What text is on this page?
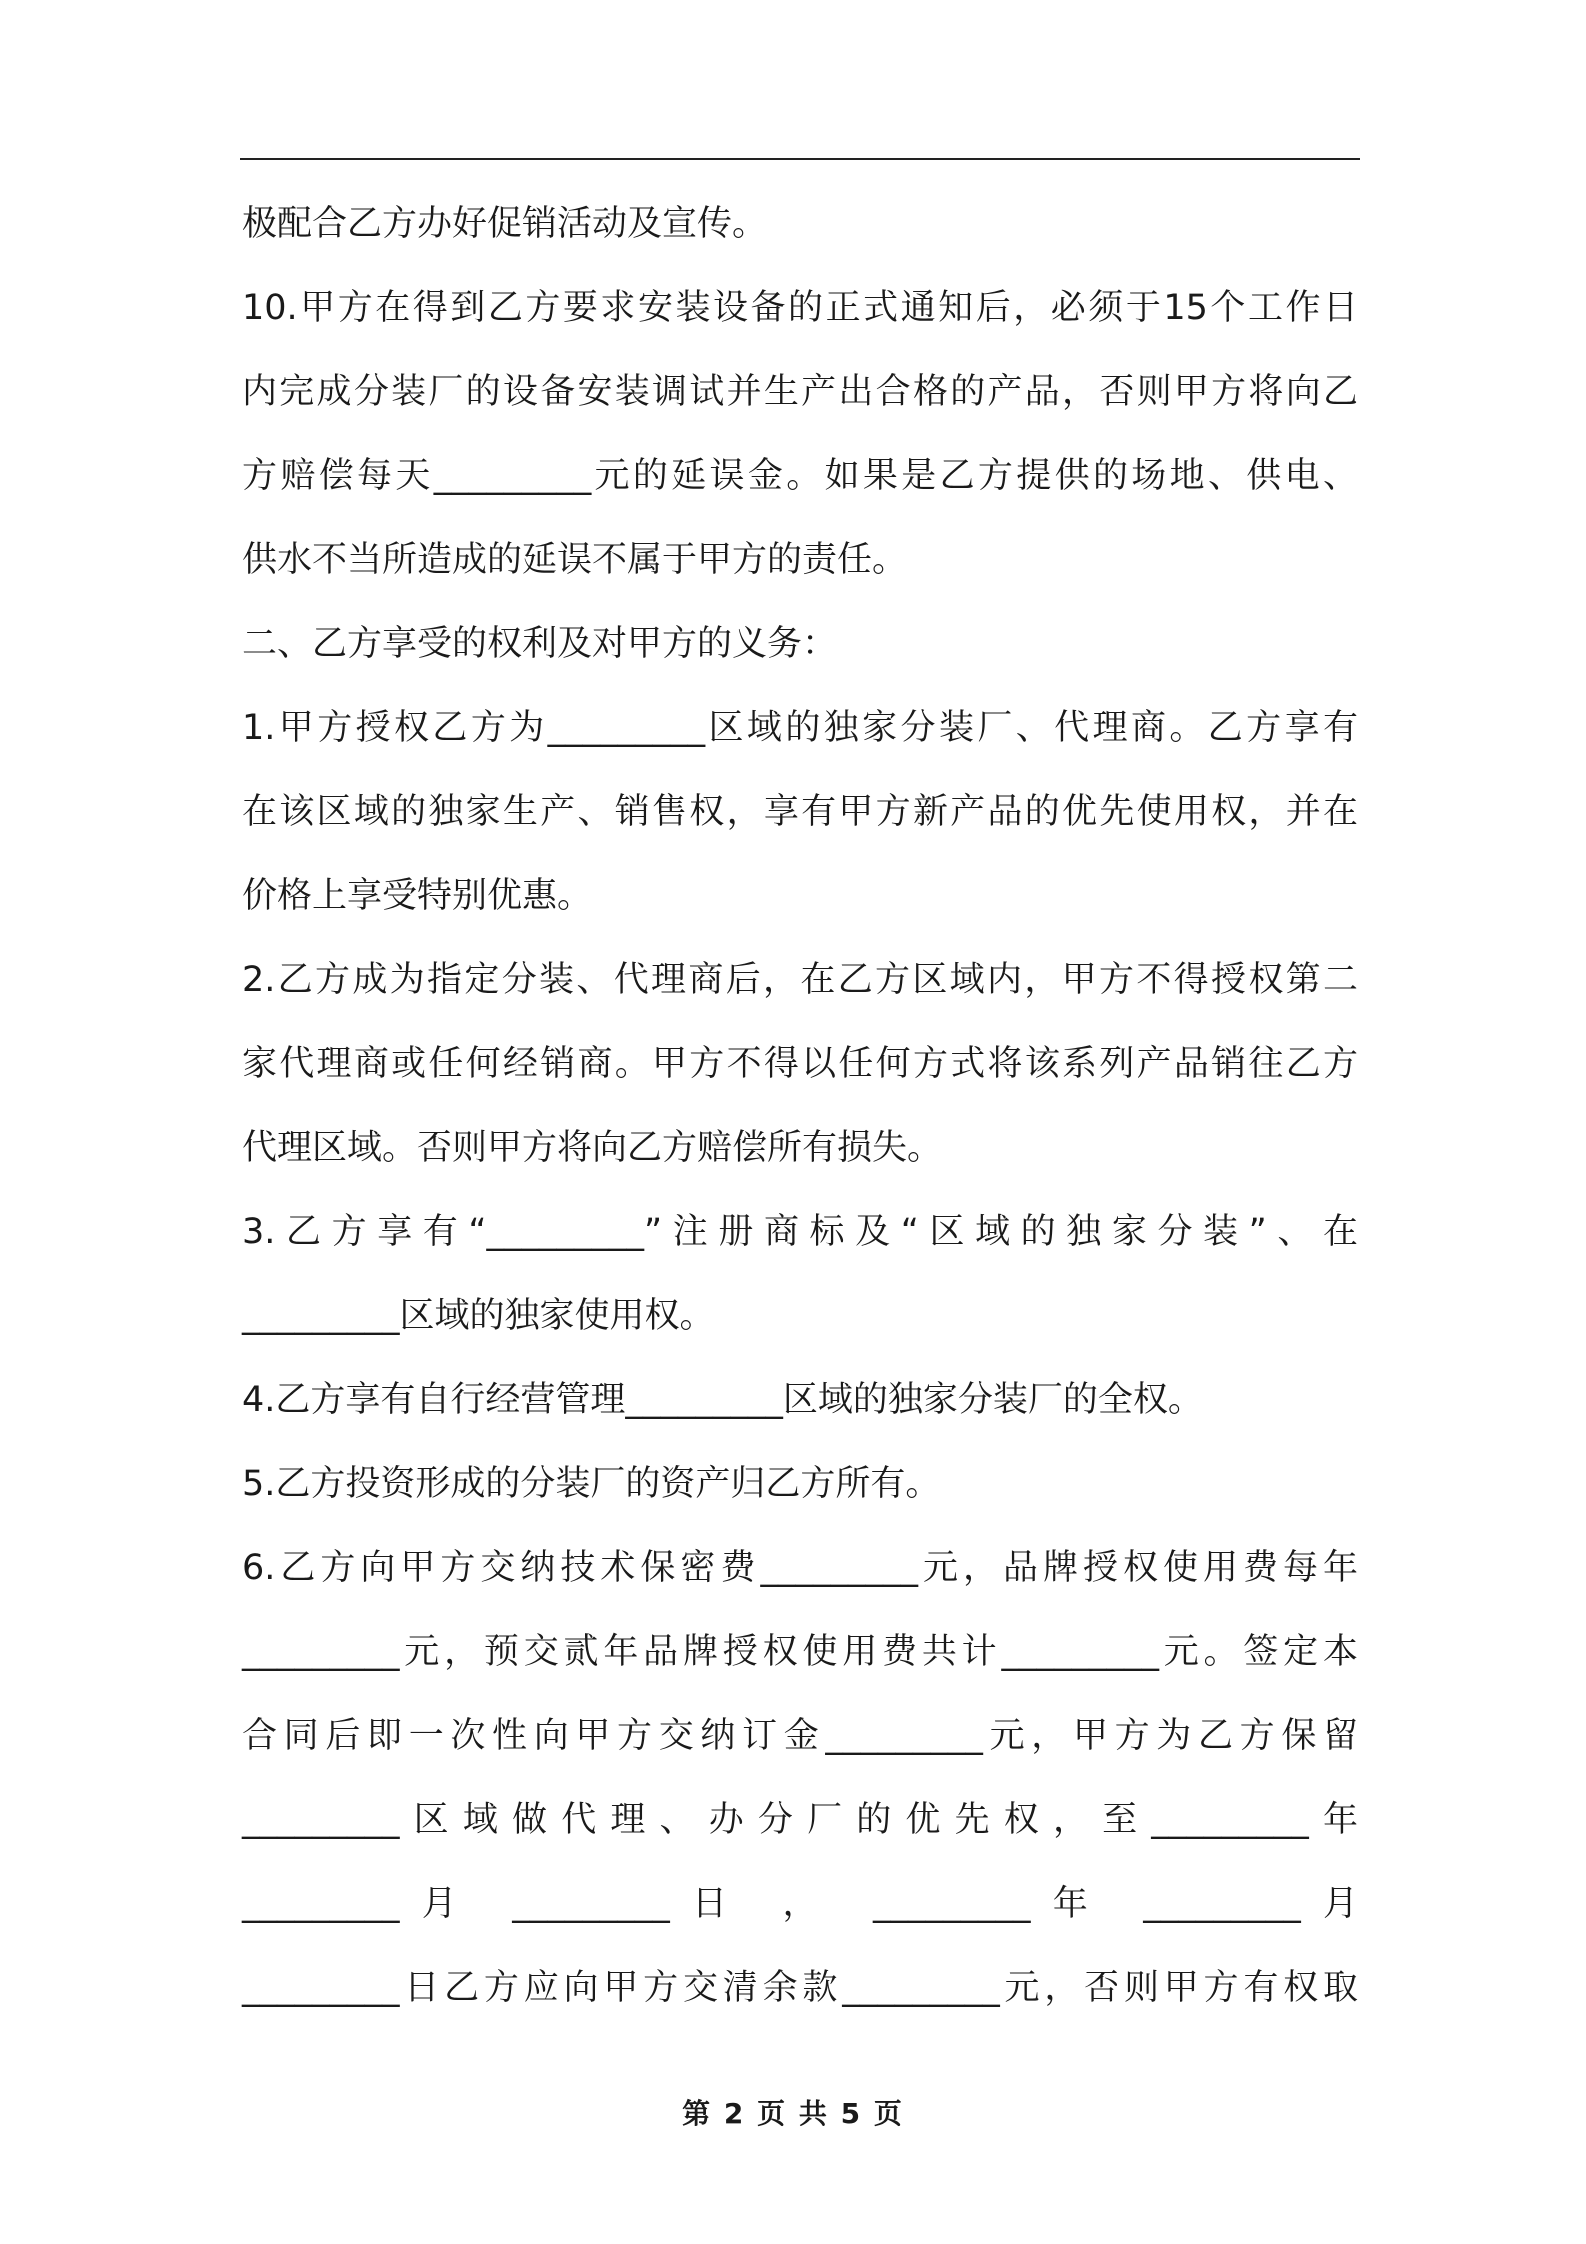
极配合乙方办好促销活动及宣传。
10.甲方在得到乙方要求安装设备的正式通知后，必须于15个工作日
内完成分装厂的设备安装调试并生产出合格的产品，否则甲方将向乙
方赔偿每天_________元的延误金。如果是乙方提供的场地、供电、
供水不当所造成的延误不属于甲方的责任。
二、乙方享受的权利及对甲方的义务：
1.甲方授权乙方为_________区域的独家分装厂、代理商。乙方享有
在该区域的独家生产、销售权，享有甲方新产品的优先使用权，并在
价格上享受特别优惠。
2.乙方成为指定分装、代理商后，在乙方区域内，甲方不得授权第二
家代理商或任何经销商。甲方不得以任何方式将该系列产品销往乙方
代理区域。否则甲方将向乙方赔偿所有损失。
3.乙方享有“_________”注册商标及“区域的独家分装”、在
_________区域的独家使用权。
4.乙方享有自行经营管理_________区域的独家分装厂的全权。
5.乙方投资形成的分装厂的资产归乙方所有。
6.乙方向甲方交纳技术保密费_________元，品牌授权使用费每年
_________元，预交贰年品牌授权使用费共计_________元。签定本
合同后即一次性向甲方交纳订金_________元，甲方为乙方保留
_________区域做代理、办分厂的优先权，至_________年
_________月 _________日 ， _________年 _________月
_________日乙方应向甲方交清余款_________元，否则甲方有权取
第 2 页 共 5 页
